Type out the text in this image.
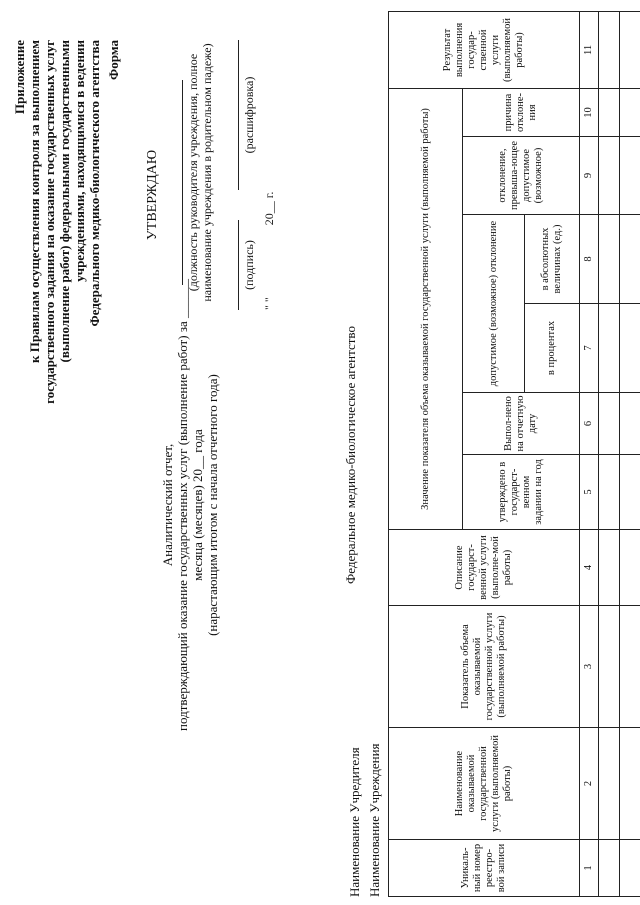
Приложение к Правилам осуществления контроля за выполнением государственного задания на оказание государственных услуг (выполнение работ) федеральными государственными учреждениями, находящимися в ведении Федерального медико-биологического агентства Форма
УТВЕРЖДАЮ (должность руководителя учреждения, полное наименование учреждения в родительном падеже) (подпись)
(расшифровка)
" "                        20__ г.
Аналитический отчет, подтверждающий оказание государственных услуг (выполнение работ) за ______ месяца (месяцев) 20__ года (нарастающим итогом с начала отчетного года)	Федеральное медико-биологическое агентство
Наименование Учредителя Наименование Учреждения	Уникаль-ный номер реестро-вой записи	Наименование оказываемой государственной услуги (выполняемой работы)	Показатель объема оказываемой государственной услуги (выполняемой работы)	Описание государст-венной услуги (выполне-мой работы)	Значение показателя объема оказываемой государственной услуги (выполняемой работы)						Результат выполнения государ-ственной услуги (выполняемой работы)
				утверждено в государст-венном задании на год	Выпол-нено на отчетную дату	допустимое (возможное) отклонение		отклонение, превыша-ющее допустимое (возможное)	причина отклоне-ния	
						в процентах	в абсолютных величинах (ед.)			
1	2	3	4	5	6	7	8	9	10	11
